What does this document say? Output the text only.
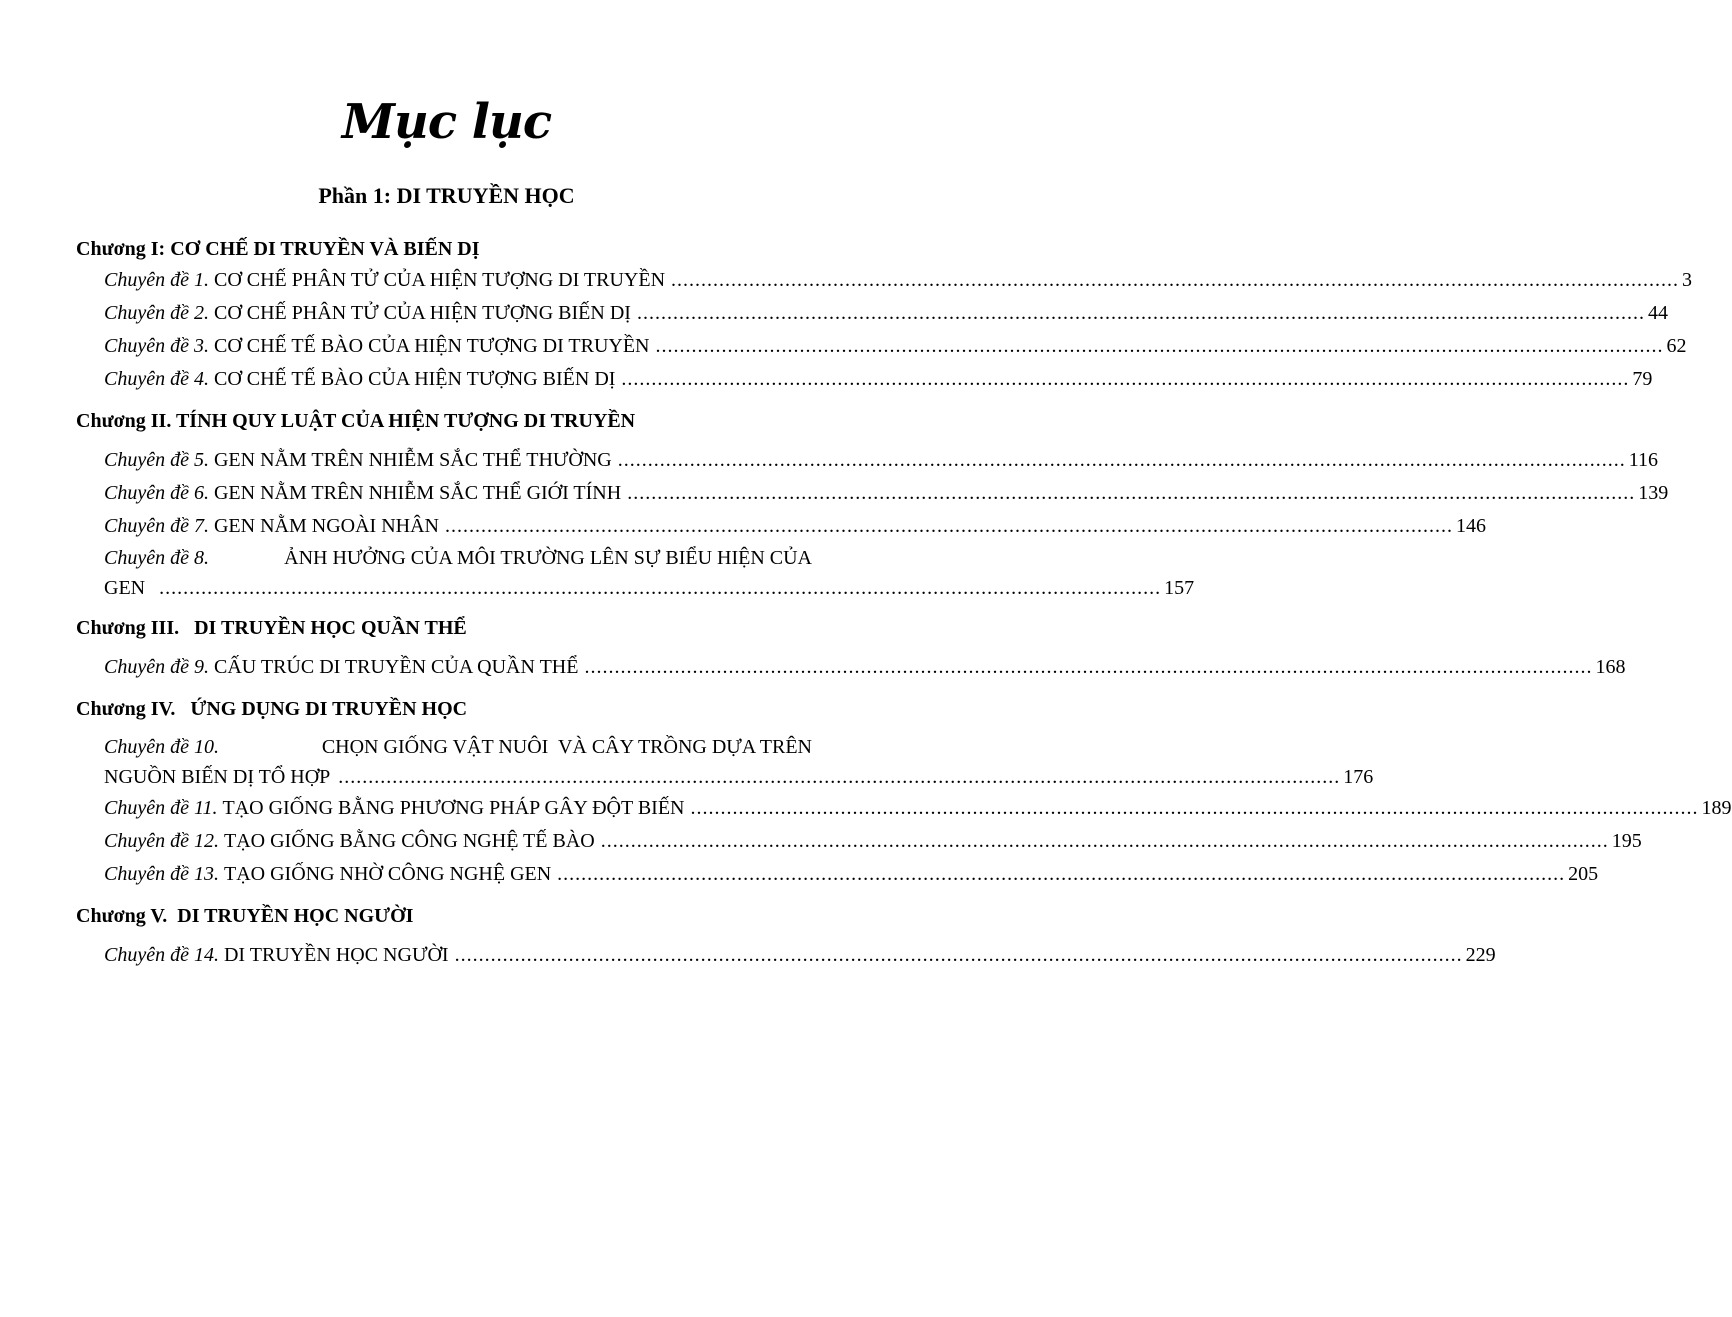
Mục lục
Phần 1: DI TRUYỀN HỌC
Chương I: CƠ CHẾ DI TRUYỀN VÀ BIẾN DỊ
Chuyên đề 1. CƠ CHẾ PHÂN TỬ CỦA HIỆN TƯỢNG DI TRUYỀN .....	3
Chuyên đề 2. CƠ CHẾ PHÂN TỬ CỦA HIỆN TƯỢNG BIẾN DỊ .....	44
Chuyên đề 3. CƠ CHẾ TẾ BÀO CỦA HIỆN TƯỢNG DI TRUYỀN .....	62
Chuyên đề 4. CƠ CHẾ TẾ BÀO CỦA HIỆN TƯỢNG BIẾN DỊ .....	79
Chương II. TÍNH QUY LUẬT CỦA HIỆN TƯỢNG DI TRUYỀN
Chuyên đề 5. GEN NẰM TRÊN NHIỄM SẮC THỂ THƯỜNG .....	116
Chuyên đề 6. GEN NẰM TRÊN NHIỄM SẮC THỂ GIỚI TÍNH .....	139
Chuyên đề 7. GEN NẰM NGOÀI NHÂN .....	146
Chuyên đề 8.	ẢNH HƯỞNG CỦA MÔI TRƯỜNG LÊN SỰ BIỂU HIỆN CỦA
GEN ....................................................................................................................................................................... 157
Chương III.   DI TRUYỀN HỌC QUẦN THỂ
Chuyên đề 9. CẤU TRÚC DI TRUYỀN CỦA QUẦN THỂ .....	168
Chương IV.   ỨNG DỤNG DI TRUYỀN HỌC
Chuyên đề 10.	CHỌN GIỐNG VẬT NUÔI  VÀ CÂY TRỒNG DỰA TRÊN
NGUỒN BIẾN DỊ TỔ HỢP ....................................................................................................................................................................... 176
Chuyên đề 11. TẠO GIỐNG BẰNG PHƯƠNG PHÁP GÂY ĐỘT BIẾN .....	189
Chuyên đề 12. TẠO GIỐNG BẰNG CÔNG NGHỆ TẾ BÀO .....	195
Chuyên đề 13. TẠO GIỐNG NHỜ CÔNG NGHỆ GEN .....	205
Chương V.  DI TRUYỀN HỌC NGƯỜI
Chuyên đề 14. DI TRUYỀN HỌC NGƯỜI .....	229
